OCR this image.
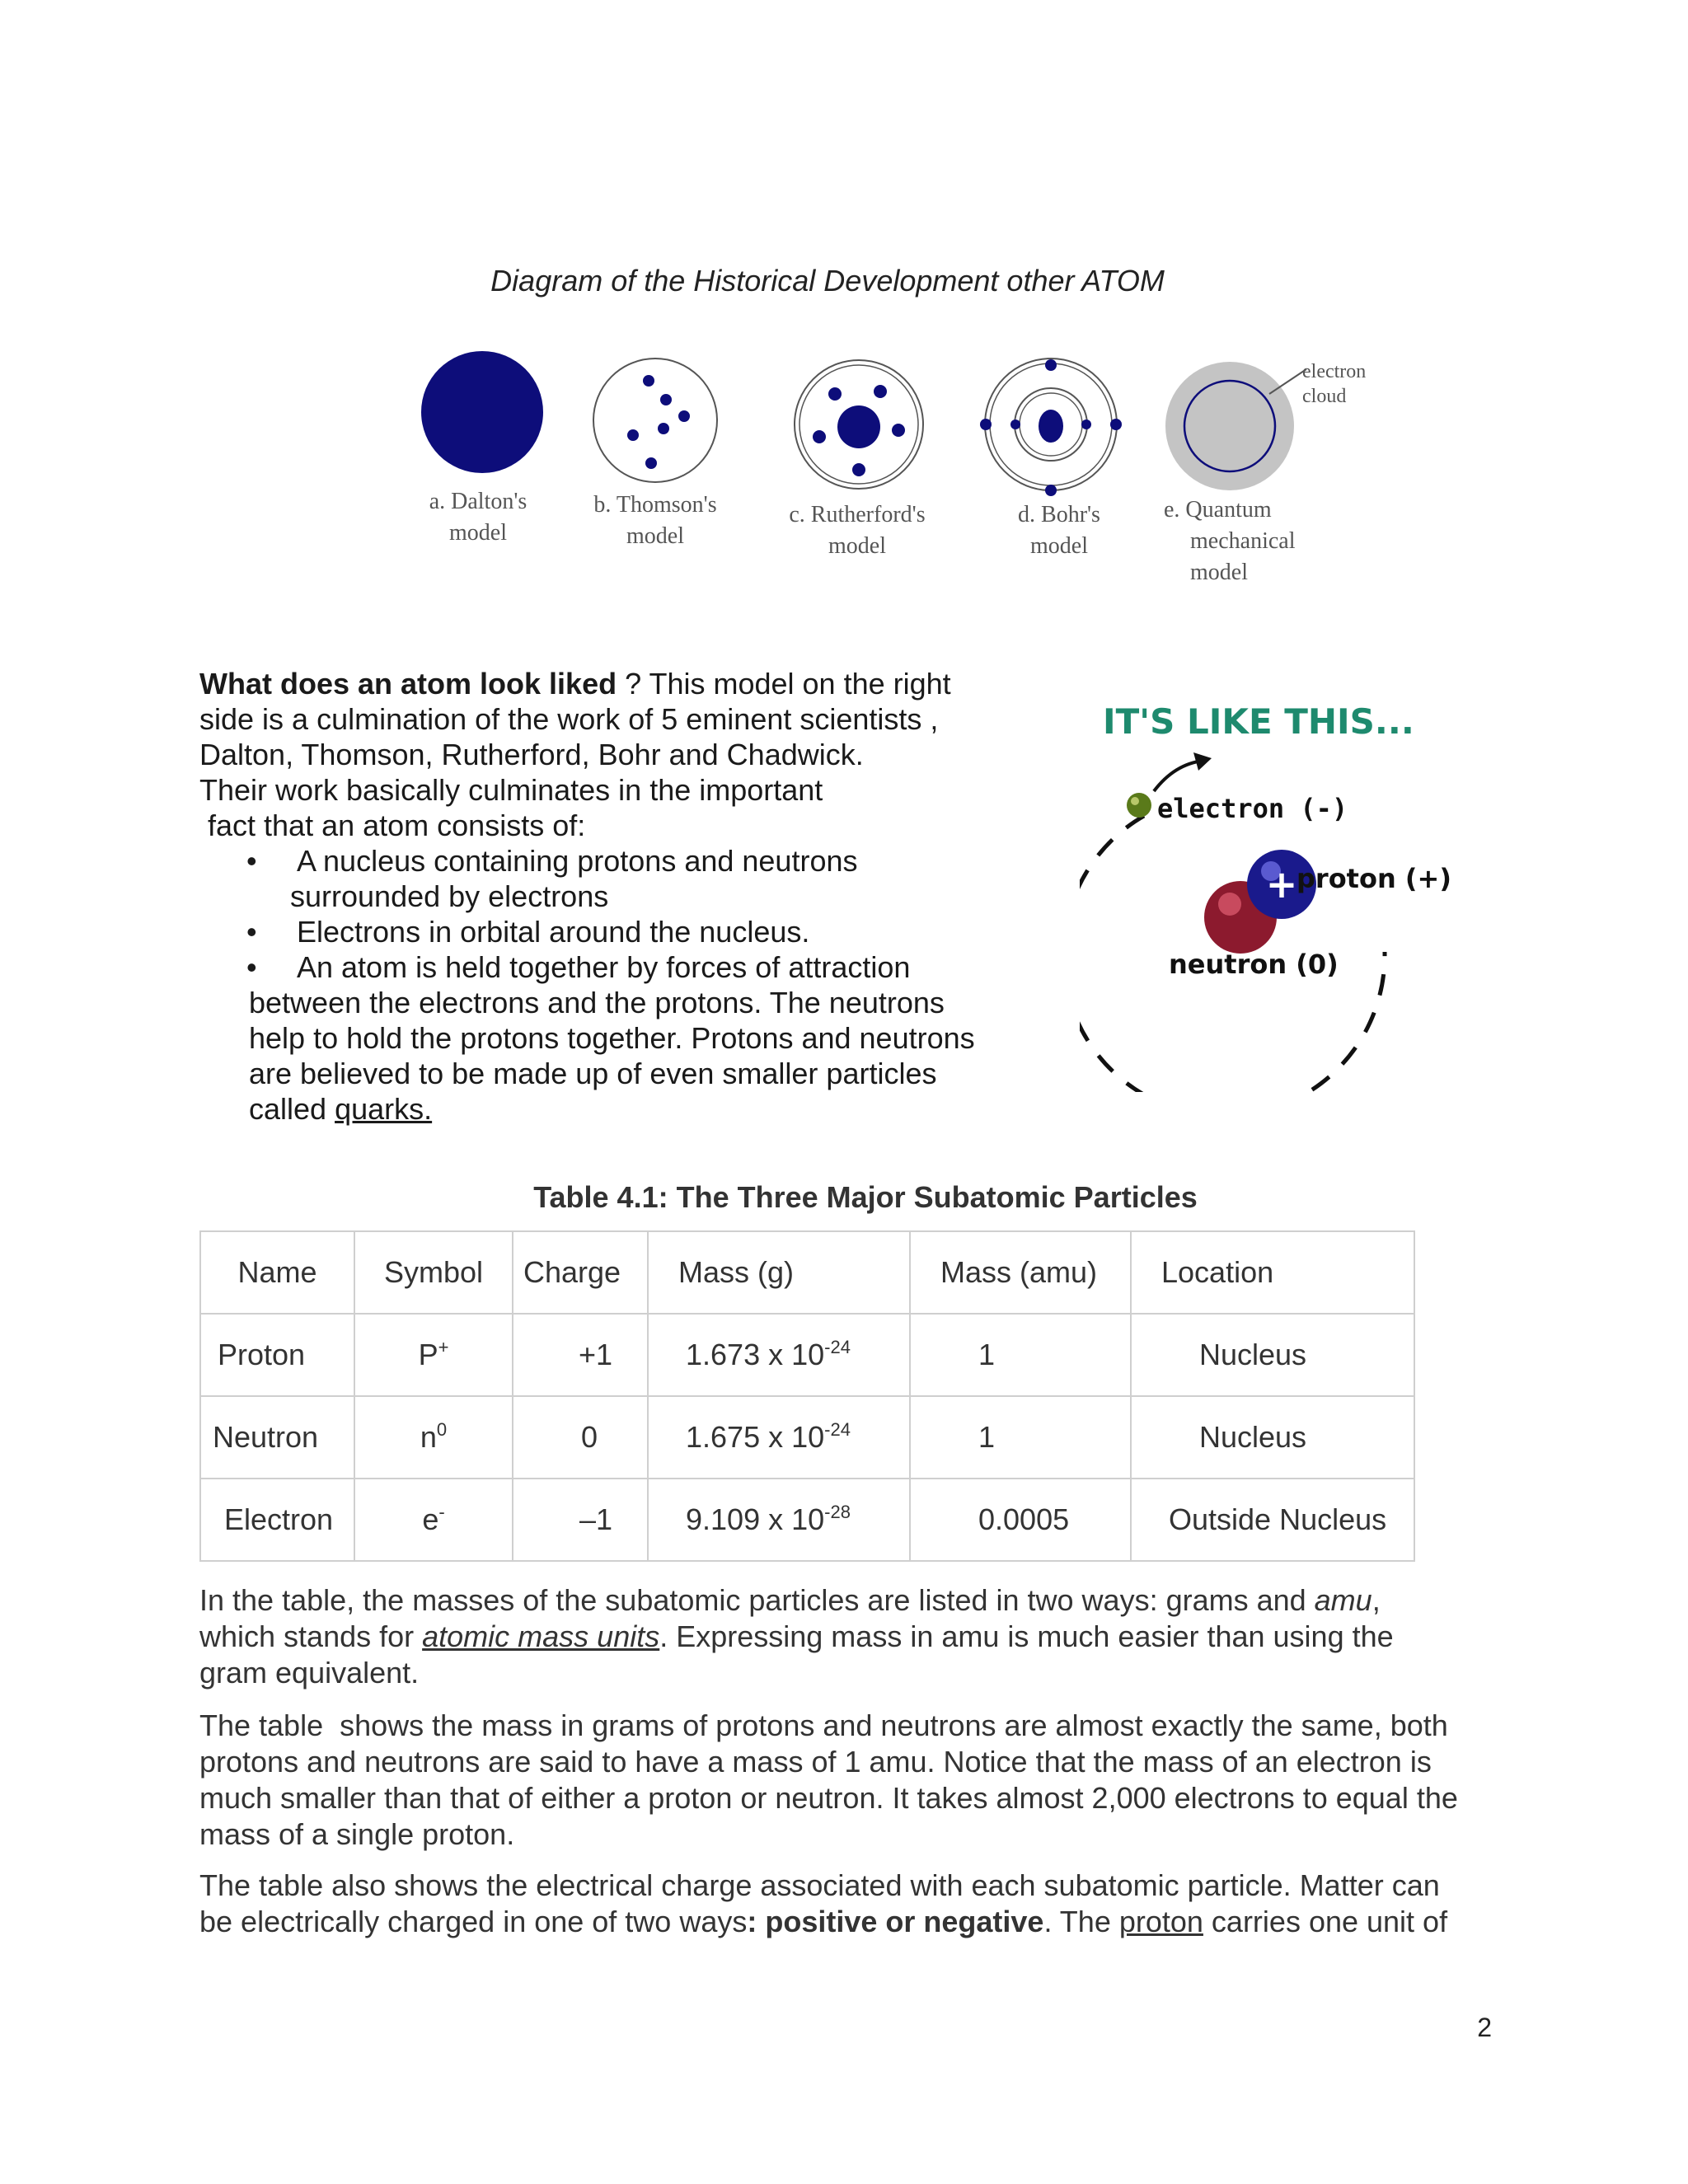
Diagram of the Historical Development other ATOM
electron
cloud
a. Dalton's
model
b. Thomson's
model
c. Rutherford's
model
d. Bohr's
model
e. Quantum
mechanical
model

What does an atom look liked ? This model on the right

side is a culmination of the work of 5 eminent scientists ,

Dalton, Thomson, Rutherford, Bohr and Chadwick.

Their work basically culminates in the important

fact that an atom consists of:

•	A nucleus containing protons and neutrons
surrounded by electrons
•	Electrons in orbital around the nucleus.
•	An atom is held together by forces of attraction
between the electrons and the protons. The neutrons
help to hold the protons together. Protons and neutrons
are believed to be made up of even smaller particles
called quarks.
IT'S LIKE THIS...
electron (-)
+
proton (+)
neutron (0)
Table 4.1: The Three Major Subatomic Particles
Name	Symbol	Charge	Mass (g)	Mass (amu)	Location
Proton	P+	+1	1.673 x $10^{-24}$	1	Nucleus
Neutron	$n^0$	0	1.675 x $10^{-24}$	1	Nucleus
Electron	e-	–1	9.109 x $10^{-28}$	0.0005	Outside Nucleus
In the table, the masses of the subatomic particles are listed in two ways: grams and amu,
which stands for atomic mass units. Expressing mass in amu is much easier than using the
gram equivalent.
The table  shows the mass in grams of protons and neutrons are almost exactly the same, both
protons and neutrons are said to have a mass of 1 amu. Notice that the mass of an electron is
much smaller than that of either a proton or neutron. It takes almost 2,000 electrons to equal the
mass of a single proton.
The table also shows the electrical charge associated with each subatomic particle. Matter can
be electrically charged in one of two ways: positive or negative. The proton carries one unit of
2
